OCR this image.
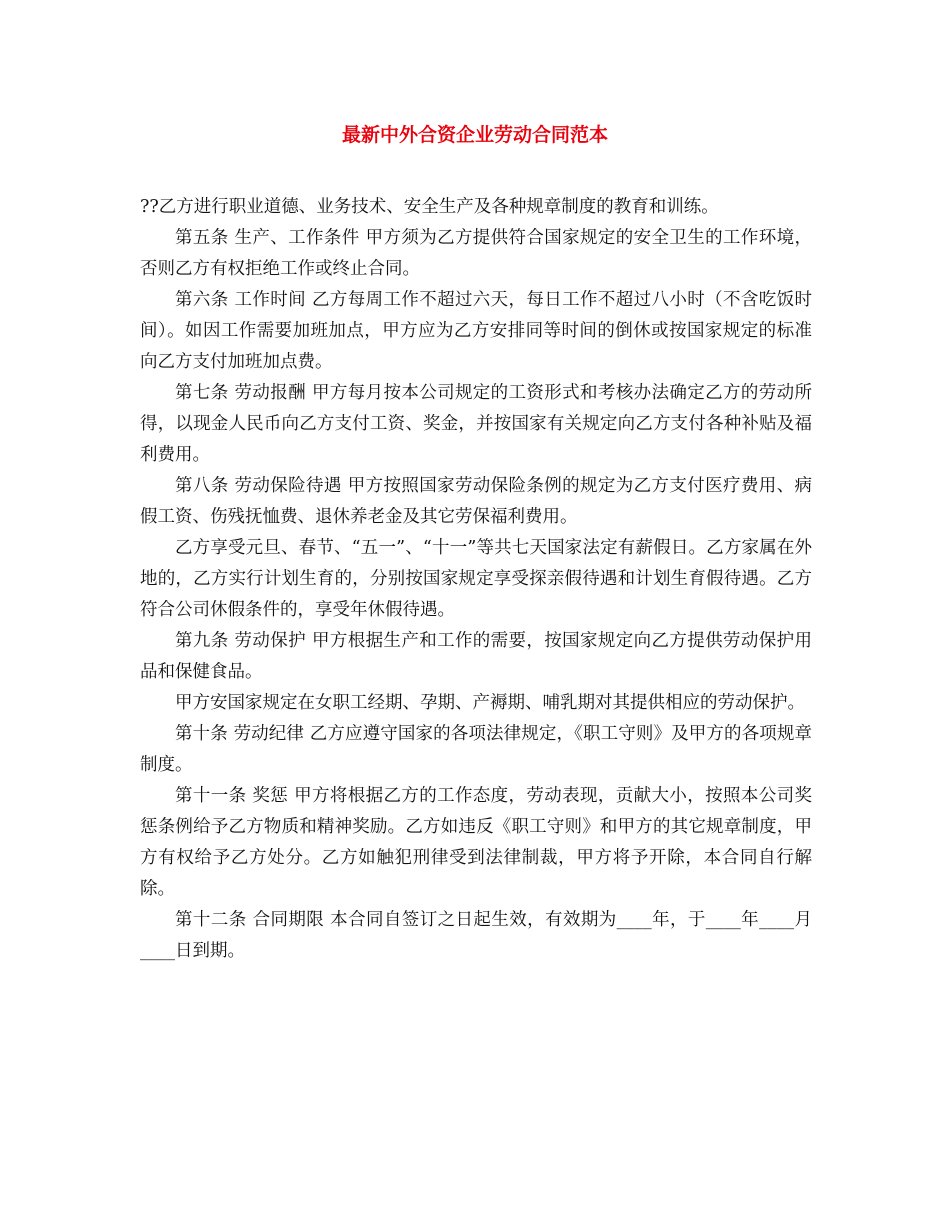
最新中外合资企业劳动合同范本

??乙方进行职业道德、业务技术、安全生产及各种规章制度的教育和训练。

第五条 生产、工作条件 甲方须为乙方提供符合国家规定的安全卫生的工作环境，否则乙方有权拒绝工作或终止合同。

第六条 工作时间 乙方每周工作不超过六天，每日工作不超过八小时（不含吃饭时间）。如因工作需要加班加点，甲方应为乙方安排同等时间的倒休或按国家规定的标准向乙方支付加班加点费。

第七条 劳动报酬 甲方每月按本公司规定的工资形式和考核办法确定乙方的劳动所得，以现金人民币向乙方支付工资、奖金，并按国家有关规定向乙方支付各种补贴及福利费用。

第八条 劳动保险待遇 甲方按照国家劳动保险条例的规定为乙方支付医疗费用、病假工资、伤残抚恤费、退休养老金及其它劳保福利费用。

乙方享受元旦、春节、“五一”、“十一”等共七天国家法定有薪假日。乙方家属在外地的，乙方实行计划生育的，分别按国家规定享受探亲假待遇和计划生育假待遇。乙方符合公司休假条件的，享受年休假待遇。

第九条 劳动保护 甲方根据生产和工作的需要，按国家规定向乙方提供劳动保护用品和保健食品。

甲方安国家规定在女职工经期、孕期、产褥期、哺乳期对其提供相应的劳动保护。

第十条 劳动纪律 乙方应遵守国家的各项法律规定，《职工守则》及甲方的各项规章制度。

第十一条 奖惩 甲方将根据乙方的工作态度，劳动表现，贡献大小，按照本公司奖惩条例给予乙方物质和精神奖励。乙方如违反《职工守则》和甲方的其它规章制度，甲方有权给予乙方处分。乙方如触犯刑律受到法律制裁，甲方将予开除，本合同自行解除。

第十二条 合同期限 本合同自签订之日起生效，有效期为____年，于____年____月____日到期。
